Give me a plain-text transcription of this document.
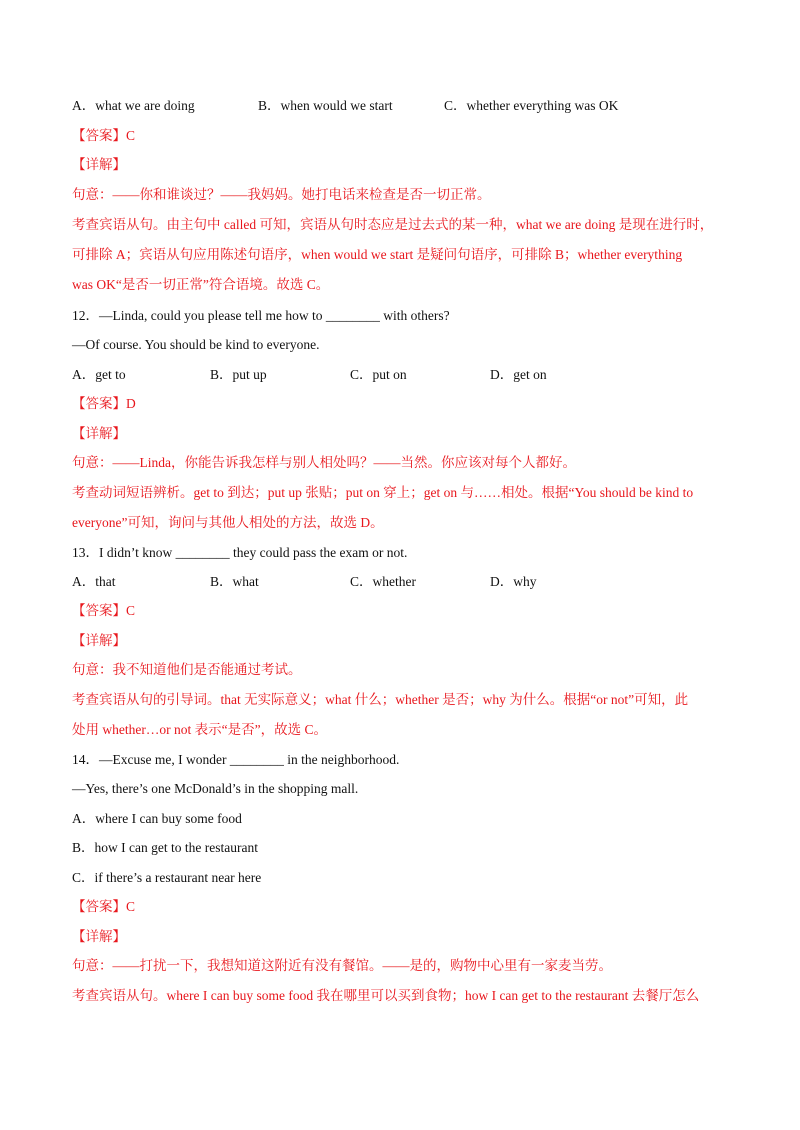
A．what we are doing	B．when would we start	C．whether everything was OK
【答案】C
【详解】
句意：——你和谁谈过？——我妈妈。她打电话来检查是否一切正常。
考查宾语从句。由主句中 called 可知，宾语从句时态应是过去式的某一种，what we are doing 是现在进行时，
可排除 A；宾语从句应用陈述句语序，when would we start 是疑问句语序，可排除 B；whether everything
was OK“是否一切正常”符合语境。故选 C。
12．—Linda, could you please tell me how to ________ with others?
—Of course. You should be kind to everyone.
A．get to	B．put up	C．put on	D．get on
【答案】D
【详解】
句意：——Linda，你能告诉我怎样与别人相处吗？——当然。你应该对每个人都好。
考查动词短语辨析。get to 到达；put up 张贴；put on 穿上；get on 与……相处。根据“You should be kind to
everyone”可知，询问与其他人相处的方法，故选 D。
13．I didn’t know ________ they could pass the exam or not.
A．that	B．what	C．whether	D．why
【答案】C
【详解】
句意：我不知道他们是否能通过考试。
考查宾语从句的引导词。that 无实际意义；what 什么；whether 是否；why 为什么。根据“or not”可知，此
处用 whether…or not 表示“是否”，故选 C。
14．—Excuse me, I wonder ________ in the neighborhood.
—Yes, there’s one McDonald’s in the shopping mall.
A．where I can buy some food
B．how I can get to the restaurant
C．if there’s a restaurant near here
【答案】C
【详解】
句意：——打扰一下，我想知道这附近有没有餐馆。——是的，购物中心里有一家麦当劳。
考查宾语从句。where I can buy some food 我在哪里可以买到食物；how I can get to the restaurant 去餐厅怎么
